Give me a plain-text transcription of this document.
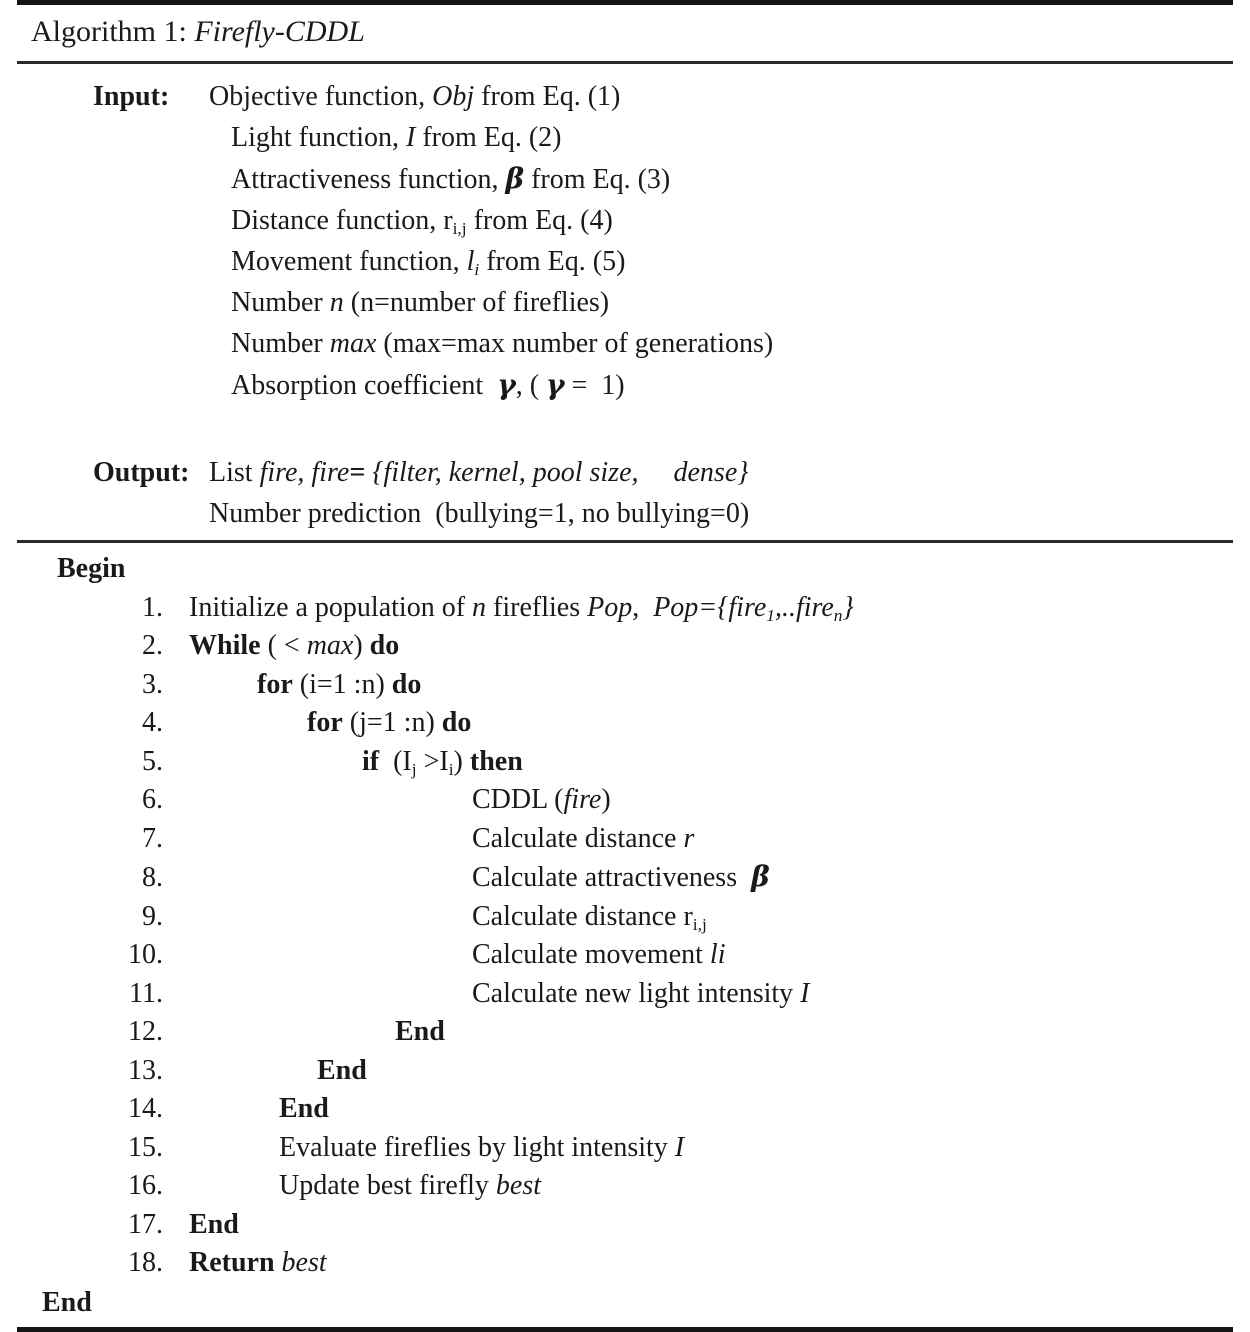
Algorithm 1: Firefly-CDDL
Input:	Objective function, Obj from Eq. (1)
Light function, I from Eq. (2)
Attractiveness function, β from Eq. (3)
Distance function, $r_{i,j}$ from Eq. (4)
Movement function, $l_i$ from Eq. (5)
Number n (n=number of fireflies)
Number max (max=max number of generations)
Absorption coefficient  γ, ( γ =  1)
Output: List fire, fire= {filter, kernel, pool size,     dense}
Number prediction  (bullying=1, no bullying=0)
Begin
1. Initialize a population of n fireflies Pop,  Pop={fire$_1$,..fire$_n$}
2. While ( < max) do
3.	for (i=1 :n) do
4.	for (j=1 :n) do
5.	if  $(I_j >I_i)$ then
6.	CDDL (fire)
7.	Calculate distance r
8.	Calculate attractiveness  β
9.	Calculate distance $r_{i,j}$
10.	Calculate movement li
11.	Calculate new light intensity I
12.	End
13.	End
14.	End
15.	Evaluate fireflies by light intensity I
16.	Update best firefly best
17. End
18. Return best
End
